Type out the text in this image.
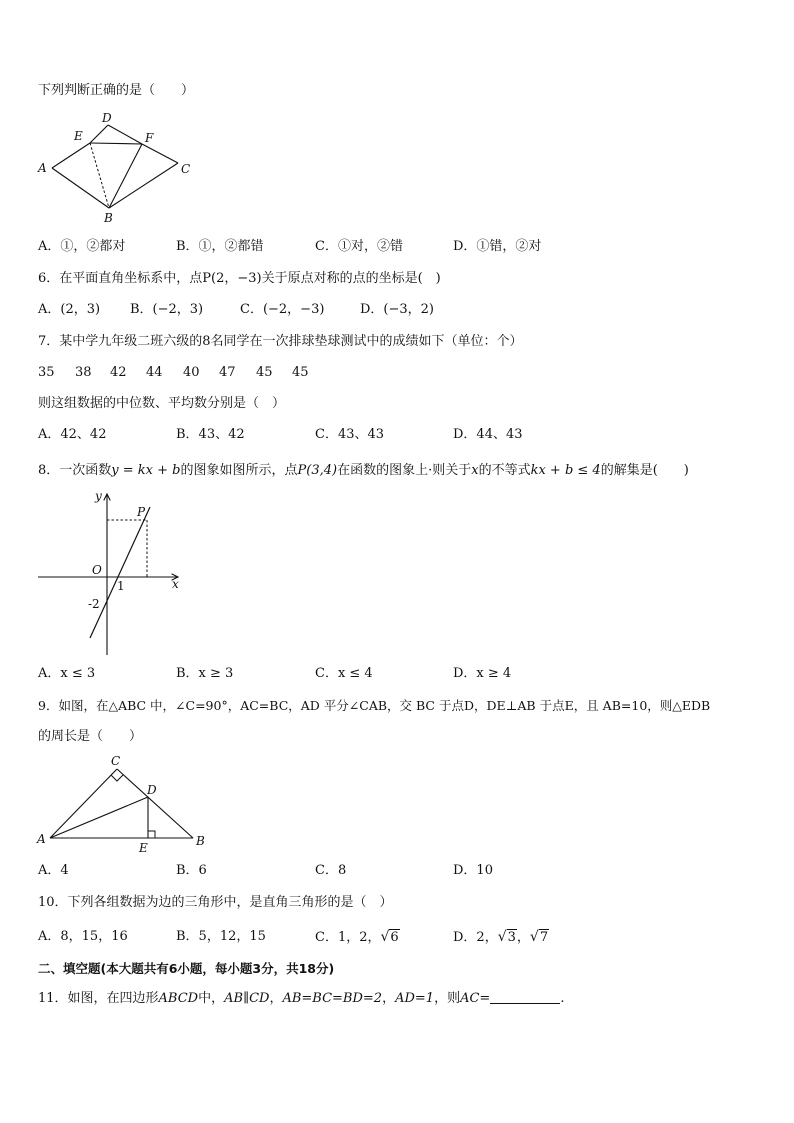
下列判断正确的是（　　）
A
E
D
F
C
B
A．①，②都对	B．①，②都错	C．①对，②错	D．①错，②对
6．在平面直角坐标系中，点P(2，−3)关于原点对称的点的坐标是(　)
A．(2，3) B．(−2，3)	C．(−2，−3)	D．(−3，2)
7．某中学九年级二班六级的8名同学在一次排球垫球测试中的成绩如下（单位：个）
35 38 42 44 40 47 45 45
则这组数据的中位数、平均数分别是（　）
A．42、42	B．43、42	C．43、43	D．44、43
8．一次函数y = kx + b的图象如图所示，点P(3,4)在函数的图象上·则关于x的不等式kx + b ≤ 4的解集是(　　)
y
x
O
P
1
-2
A．x ≤ 3	B．x ≥ 3	C．x ≤ 4	D．x ≥ 4
9．如图，在△ABC 中，∠C=90°，AC=BC，AD 平分∠CAB，交 BC 于点D，DE⊥AB 于点E，且 AB=10，则△EDB
的周长是（　　）
C
D
A	B
E
A．4	B．6	C．8	D．10
10．下列各组数据为边的三角形中，是直角三角形的是（　）
A．8，15，16	B．5，12，15	C．1，2，√6	D．2，√3，√7
二、填空题(本大题共有6小题，每小题3分，共18分)
11．如图，在四边形ABCD中，AB∥CD，AB=BC=BD=2，AD=1，则AC=	.
